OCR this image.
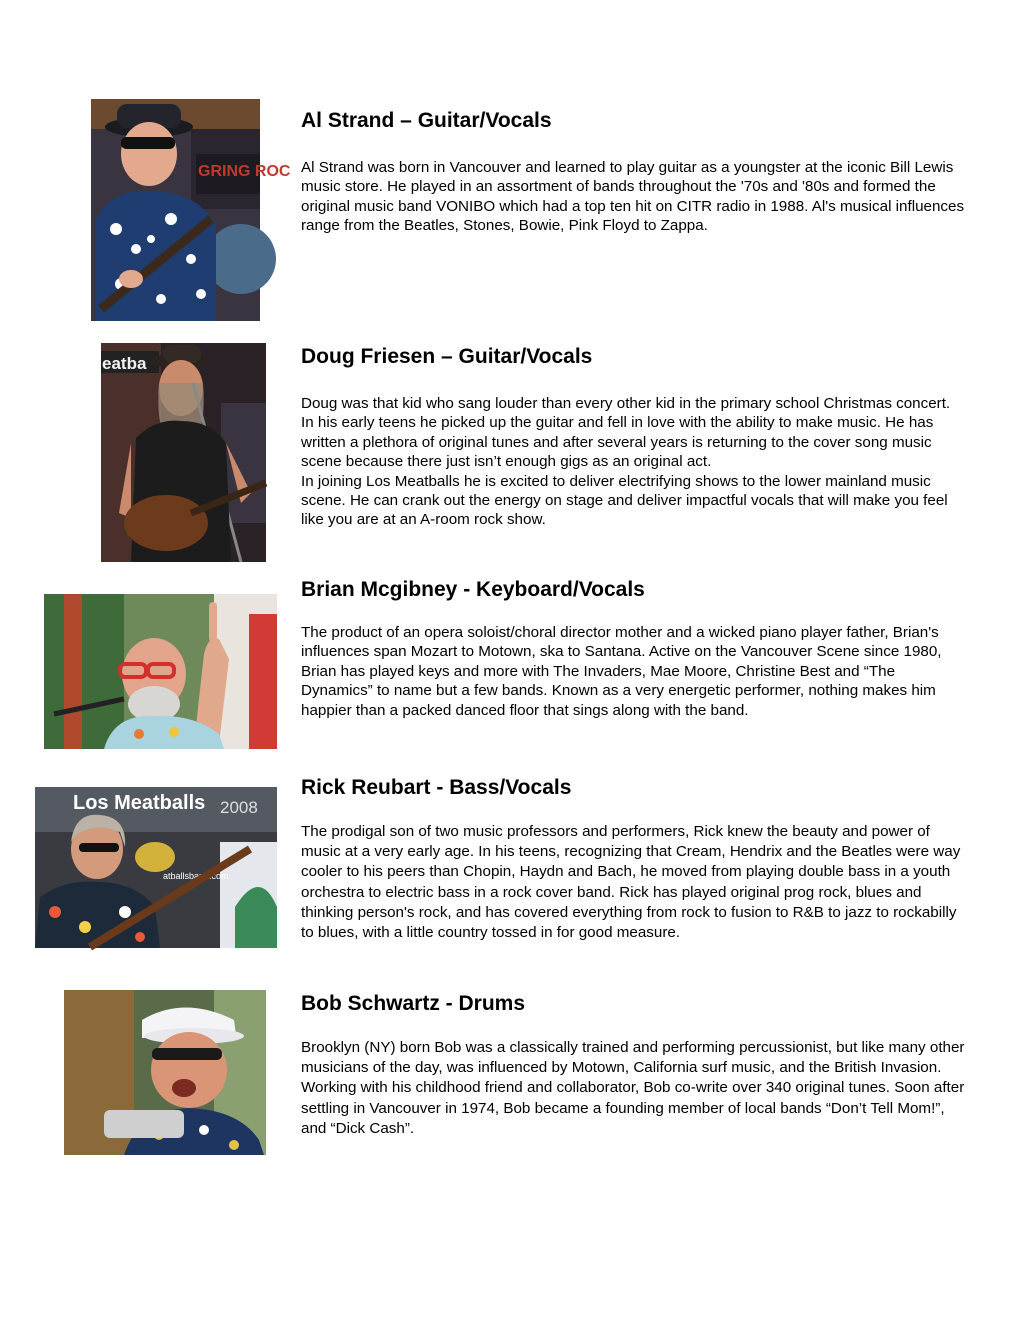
GRING ROC
Al Strand – Guitar/Vocals

Al Strand was born in Vancouver and learned to play guitar as a youngster at the iconic Bill Lewis music store. He played in an assortment of bands throughout the '70s and '80s and formed the original music band VONIBO which had a top ten hit on CITR radio in 1988. Al's musical influences range from the Beatles, Stones, Bowie, Pink Floyd to Zappa.

eatba	Doug Friesen – Guitar/Vocals

Doug was that kid who sang louder than every other kid in the primary school Christmas concert. In his early teens he picked up the guitar and fell in love with the ability to make music. He has written a plethora of original tunes and after several years is returning to the cover song music scene because there just isn’t enough gigs as an original act.

In joining Los Meatballs he is excited to deliver electrifying shows to the lower mainland music scene. He can crank out the energy on stage and deliver impactful vocals that will make you feel like you are at an A-room rock show.

Brian Mcgibney - Keyboard/Vocals

The product of an opera soloist/choral director mother and a wicked piano player father, Brian's influences span Mozart to Motown, ska to Santana. Active on the Vancouver Scene since 1980, Brian has played keys and more with The Invaders, Mae Moore, Christine Best and “The Dynamics” to name but a few bands. Known as a very energetic performer, nothing makes him happier than a packed danced floor that sings along with the band.

Los Meatballs 2008
atballsband.com
Rick Reubart - Bass/Vocals

The prodigal son of two music professors and performers, Rick knew the beauty and power of music at a very early age. In his teens, recognizing that Cream, Hendrix and the Beatles were way cooler to his peers than Chopin, Haydn and Bach, he moved from playing double bass in a youth orchestra to electric bass in a rock cover band. Rick has played original prog rock, blues and thinking person's rock, and has covered everything from rock to fusion to R&B to jazz to rockabilly to blues, with a little country tossed in for good measure.

Bob Schwartz - Drums

Brooklyn (NY) born Bob was a classically trained and performing percussionist, but like many other musicians of the day, was influenced by Motown, California surf music, and the British Invasion. Working with his childhood friend and collaborator, Bob co-write over 340 original tunes. Soon after settling in Vancouver in 1974, Bob became a founding member of local bands “Don’t Tell Mom!”, and “Dick Cash”.
